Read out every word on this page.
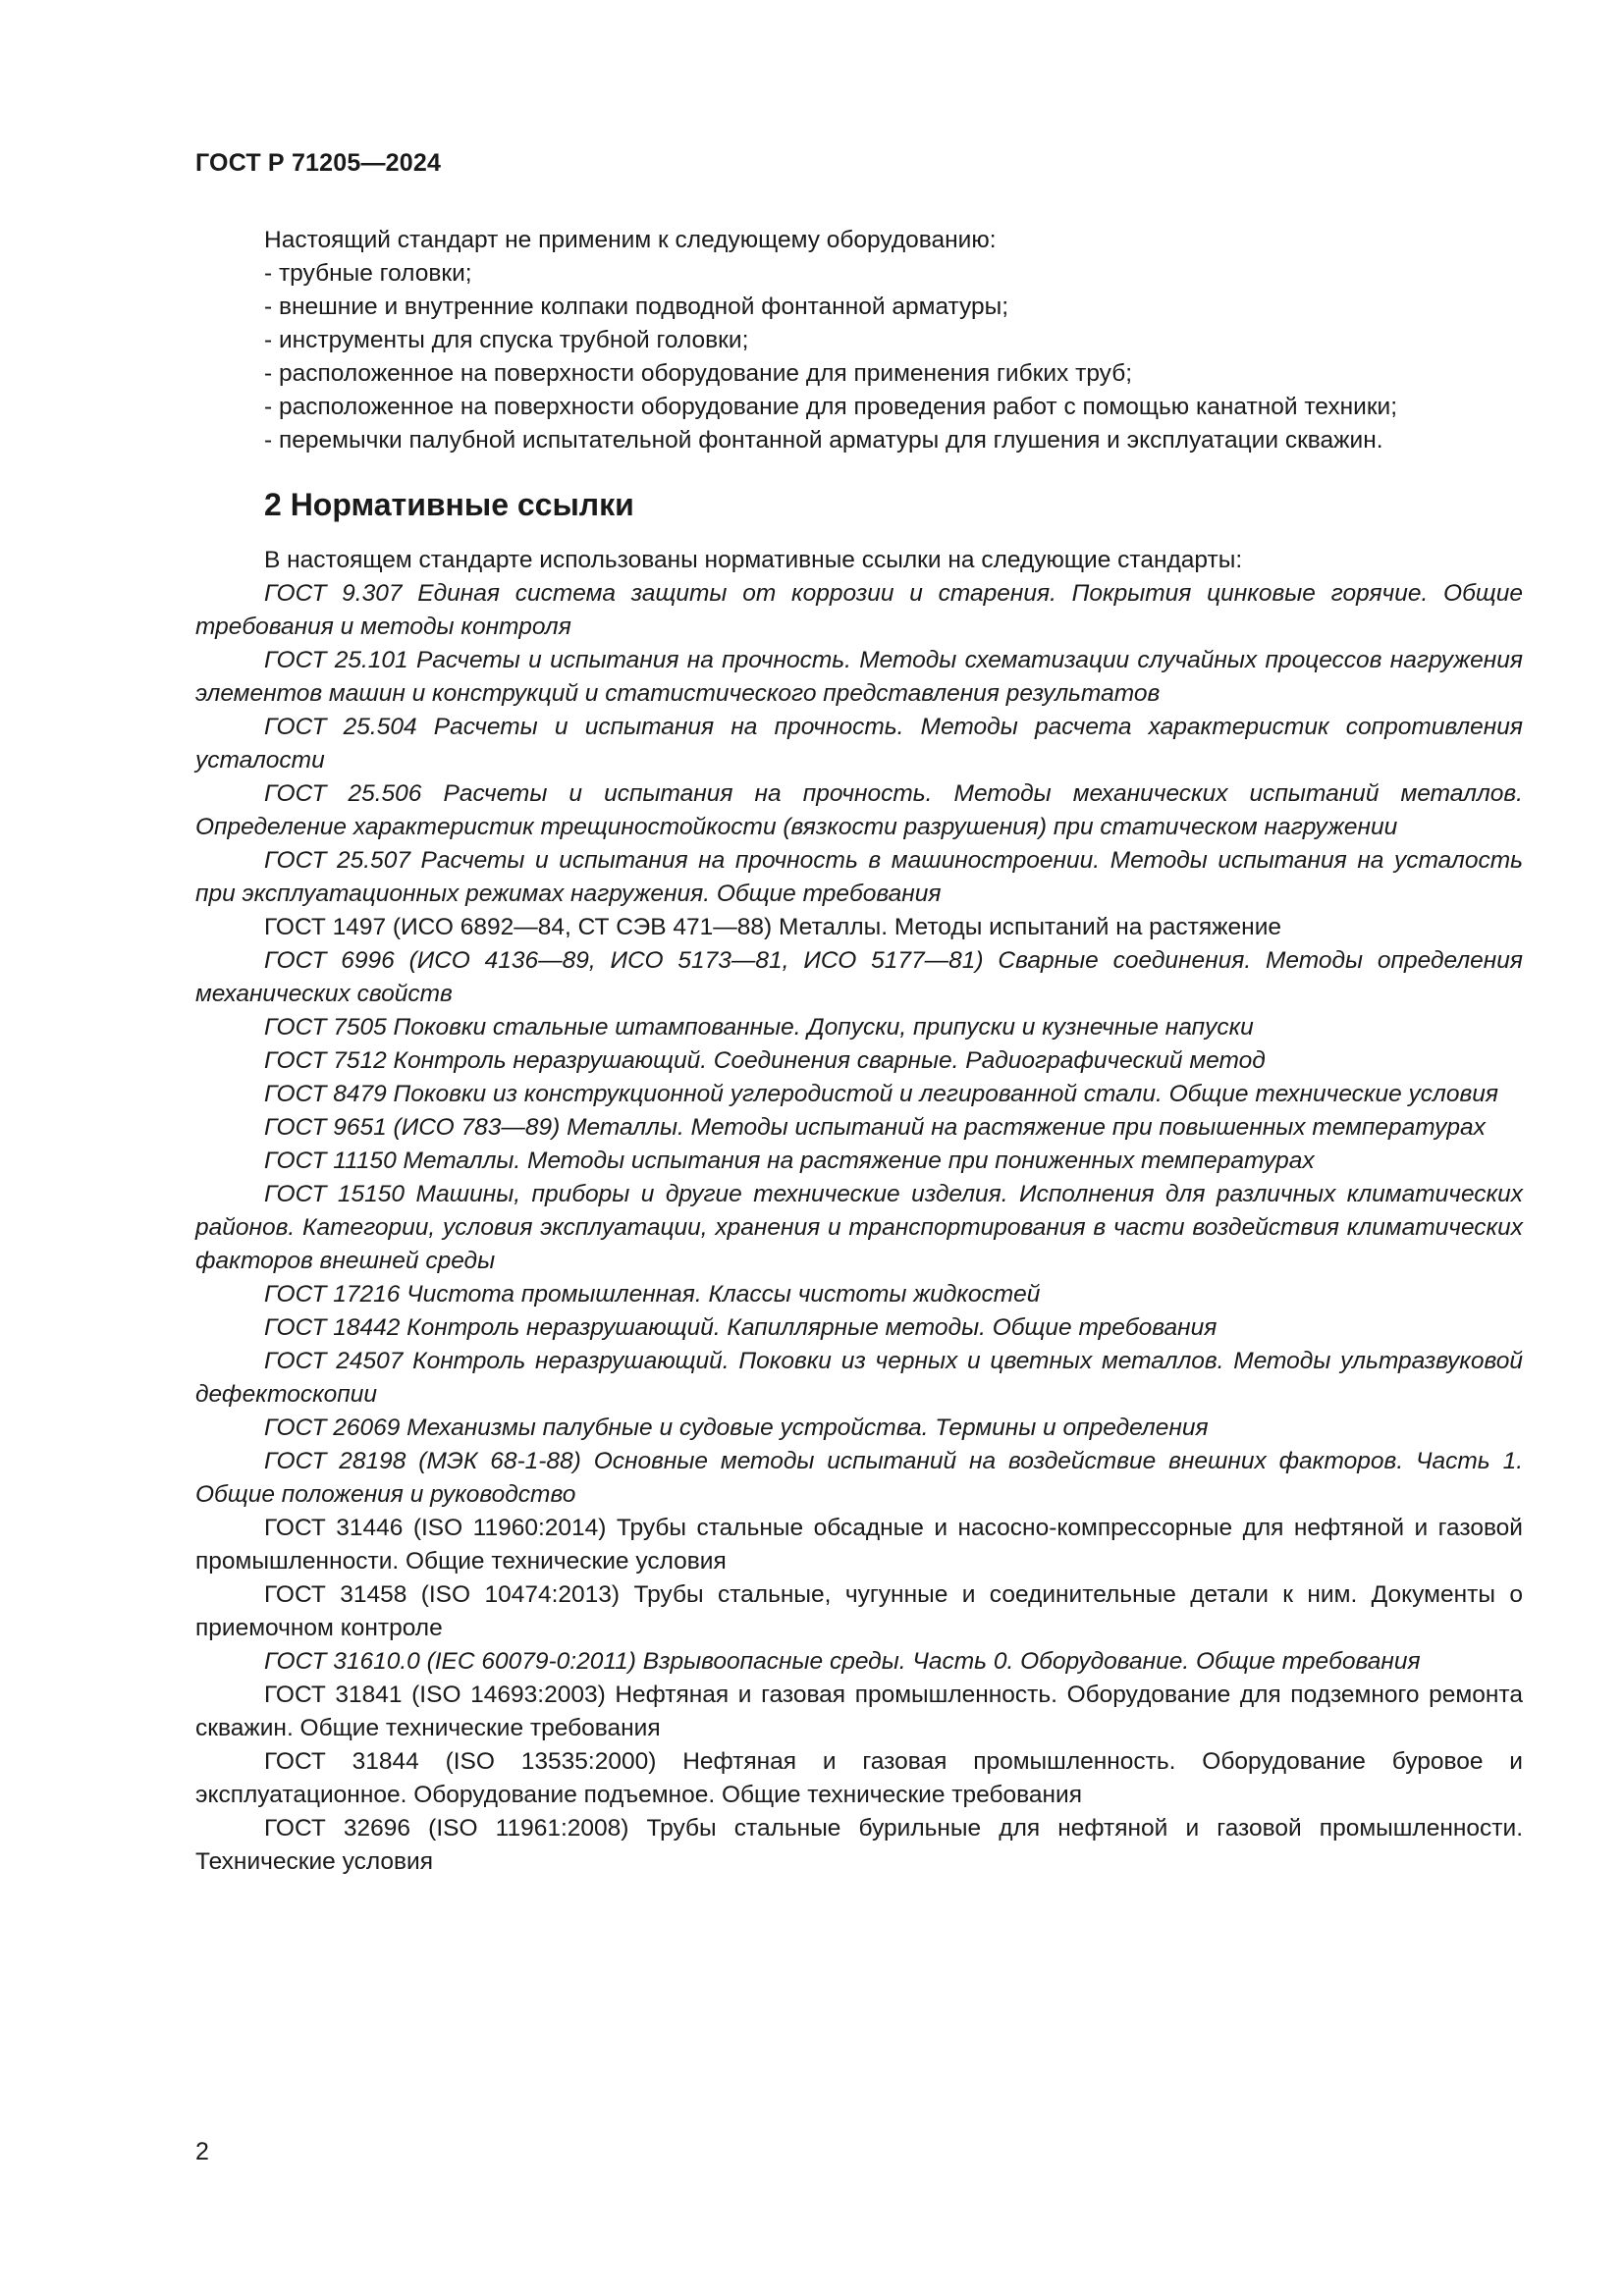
ГОСТ Р 71205—2024

Настоящий стандарт не применим к следующему оборудованию:

- трубные головки;

- внешние и внутренние колпаки подводной фонтанной арматуры;

- инструменты для спуска трубной головки;

- расположенное на поверхности оборудование для применения гибких труб;

- расположенное на поверхности оборудование для проведения работ с помощью канатной техники;

- перемычки палубной испытательной фонтанной арматуры для глушения и эксплуатации скважин.

2 Нормативные ссылки

В настоящем стандарте использованы нормативные ссылки на следующие стандарты:

ГОСТ 9.307 Единая система защиты от коррозии и старения. Покрытия цинковые горячие. Общие требования и методы контроля

ГОСТ 25.101 Расчеты и испытания на прочность. Методы схематизации случайных процессов нагружения элементов машин и конструкций и статистического представления результатов

ГОСТ 25.504 Расчеты и испытания на прочность. Методы расчета характеристик сопротивления усталости

ГОСТ 25.506 Расчеты и испытания на прочность. Методы механических испытаний металлов. Определение характеристик трещиностойкости (вязкости разрушения) при статическом нагружении

ГОСТ 25.507 Расчеты и испытания на прочность в машиностроении. Методы испытания на усталость при эксплуатационных режимах нагружения. Общие требования

ГОСТ 1497 (ИСО 6892—84, СТ СЭВ 471—88) Металлы. Методы испытаний на растяжение

ГОСТ 6996 (ИСО 4136—89, ИСО 5173—81, ИСО 5177—81) Сварные соединения. Методы определения механических свойств

ГОСТ 7505 Поковки стальные штампованные. Допуски, припуски и кузнечные напуски

ГОСТ 7512 Контроль неразрушающий. Соединения сварные. Радиографический метод

ГОСТ 8479 Поковки из конструкционной углеродистой и легированной стали. Общие технические условия

ГОСТ 9651 (ИСО 783—89) Металлы. Методы испытаний на растяжение при повышенных температурах

ГОСТ 11150 Металлы. Методы испытания на растяжение при пониженных температурах

ГОСТ 15150 Машины, приборы и другие технические изделия. Исполнения для различных климатических районов. Категории, условия эксплуатации, хранения и транспортирования в части воздействия климатических факторов внешней среды

ГОСТ 17216 Чистота промышленная. Классы чистоты жидкостей

ГОСТ 18442 Контроль неразрушающий. Капиллярные методы. Общие требования

ГОСТ 24507 Контроль неразрушающий. Поковки из черных и цветных металлов. Методы ультразвуковой дефектоскопии

ГОСТ 26069 Механизмы палубные и судовые устройства. Термины и определения

ГОСТ 28198 (МЭК 68-1-88) Основные методы испытаний на воздействие внешних факторов. Часть 1. Общие положения и руководство

ГОСТ 31446 (ISO 11960:2014) Трубы стальные обсадные и насосно-компрессорные для нефтяной и газовой промышленности. Общие технические условия

ГОСТ 31458 (ISO 10474:2013) Трубы стальные, чугунные и соединительные детали к ним. Документы о приемочном контроле

ГОСТ 31610.0 (IEC 60079-0:2011) Взрывоопасные среды. Часть 0. Оборудование. Общие требования

ГОСТ 31841 (ISO 14693:2003) Нефтяная и газовая промышленность. Оборудование для подземного ремонта скважин. Общие технические требования

ГОСТ 31844 (ISO 13535:2000) Нефтяная и газовая промышленность. Оборудование буровое и эксплуатационное. Оборудование подъемное. Общие технические требования

ГОСТ 32696 (ISO 11961:2008) Трубы стальные бурильные для нефтяной и газовой промышленности. Технические условия

2
